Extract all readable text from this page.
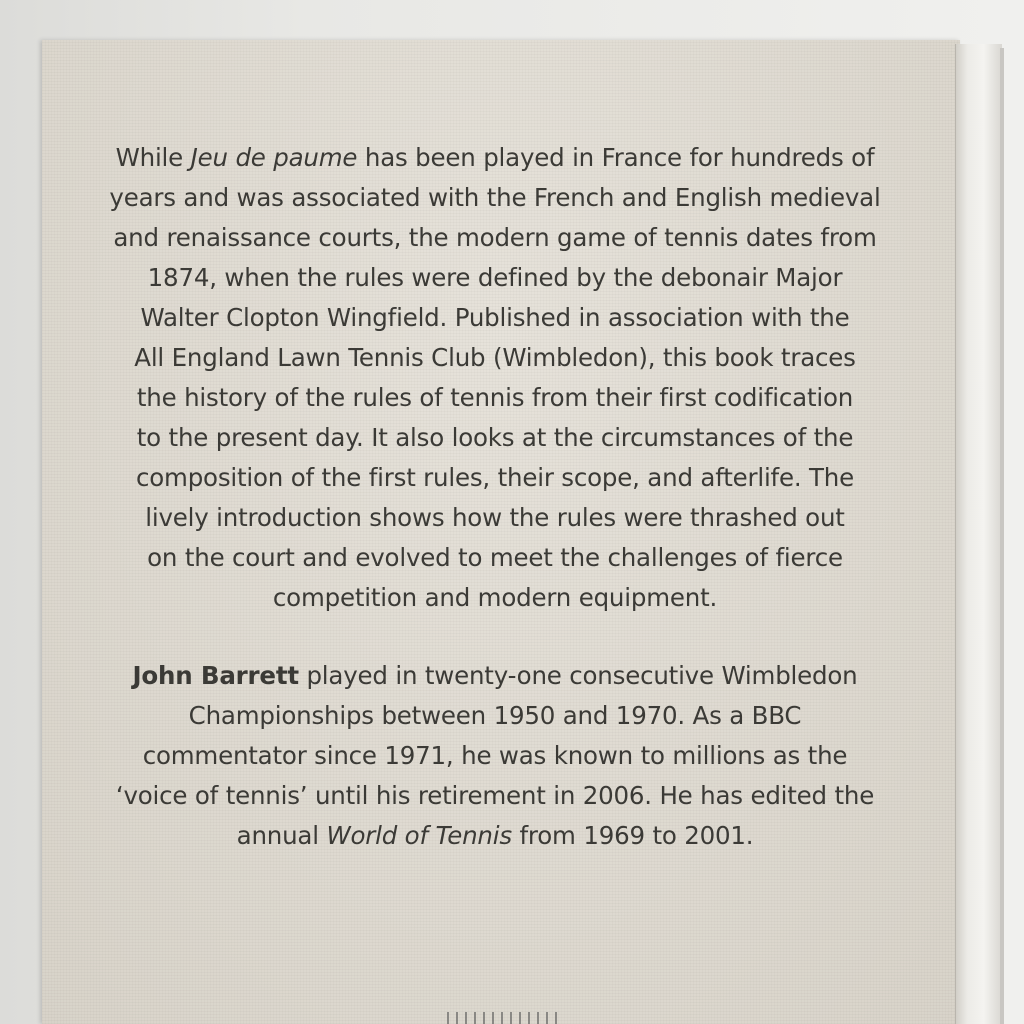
While Jeu de paume has been played in France for hundreds of
years and was associated with the French and English medieval
and renaissance courts, the modern game of tennis dates from
1874, when the rules were defined by the debonair Major
Walter Clopton Wingfield. Published in association with the
All England Lawn Tennis Club (Wimbledon), this book traces
the history of the rules of tennis from their first codification
to the present day. It also looks at the circumstances of the
composition of the first rules, their scope, and afterlife. The
lively introduction shows how the rules were thrashed out
on the court and evolved to meet the challenges of fierce
competition and modern equipment.

John Barrett played in twenty-one consecutive Wimbledon
Championships between 1950 and 1970. As a BBC
commentator since 1971, he was known to millions as the
‘voice of tennis’ until his retirement in 2006. He has edited the
annual World of Tennis from 1969 to 2001.
